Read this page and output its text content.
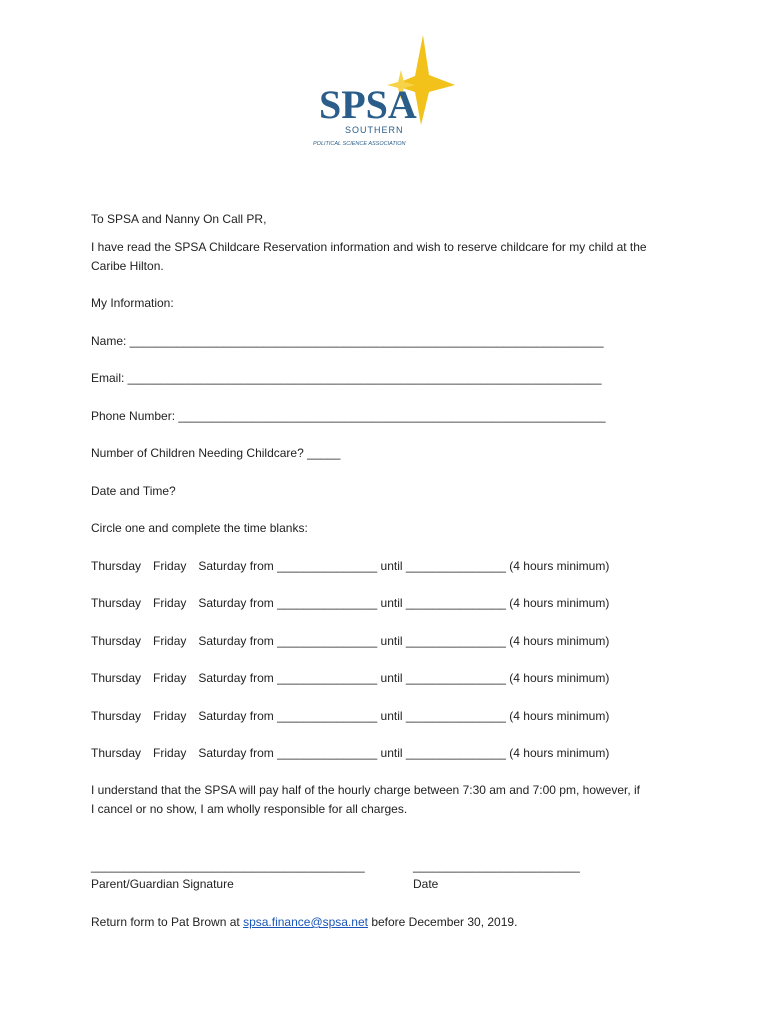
SPSA
SOUTHERN
POLITICAL SCIENCE ASSOCIATION
To SPSA and Nanny On Call PR,
I have read the SPSA Childcare Reservation information and wish to reserve childcare for my child at the
Caribe Hilton.
My Information:
Name: _______________________________________________________________________
Email: _______________________________________________________________________
Phone Number: ________________________________________________________________
Number of Children Needing Childcare? _____
Date and Time?
Circle one and complete the time blanks:
Thursday Friday Saturday from _______________ until _______________ (4 hours minimum)
Thursday Friday Saturday from _______________ until _______________ (4 hours minimum)
Thursday Friday Saturday from _______________ until _______________ (4 hours minimum)
Thursday Friday Saturday from _______________ until _______________ (4 hours minimum)
Thursday Friday Saturday from _______________ until _______________ (4 hours minimum)
Thursday Friday Saturday from _______________ until _______________ (4 hours minimum)
I understand that the SPSA will pay half of the hourly charge between 7:30 am and 7:00 pm, however, if
I cancel or no show, I am wholly responsible for all charges.
_________________________________________
Parent/Guardian Signature
_________________________
Date
Return form to Pat Brown at spsa.finance@spsa.net before December 30, 2019.
